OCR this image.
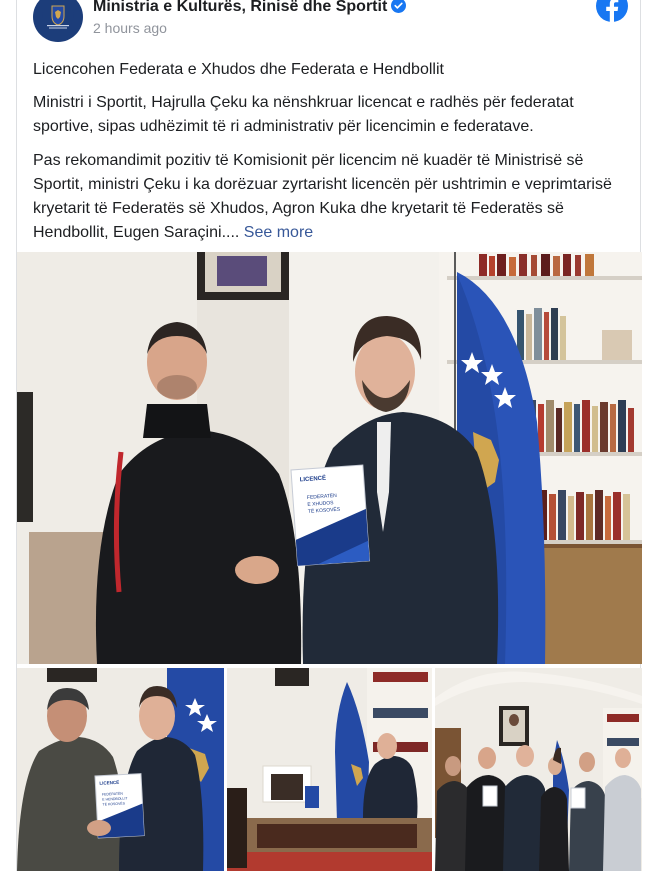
Ministria e Kulturës, Rinisë dhe Sportit
2 hours ago

Licencohen Federata e Xhudos dhe Federata e Hendbollit

Ministri i Sportit, Hajrulla Çeku ka nënshkruar licencat e radhës për federatat sportive, sipas udhëzimit të ri administrativ për licencimin e federatave.

Pas rekomandimit pozitiv të Komisionit për licencim në kuadër të Ministrisë së Sportit, ministri Çeku i ka dorëzuar zyrtarisht licencën për ushtrimin e veprimtarisë kryetarit të Federatës së Xhudos, Agron Kuka dhe kryetarit të Federatës së Hendbollit, Eugen Saraçini.... See more

LICENCË
FEDERATËN
E XHUDOS
TË KOSOVËS
LICENCË
FEDERATËN
E HENDBOLLIT
TË KOSOVËS
